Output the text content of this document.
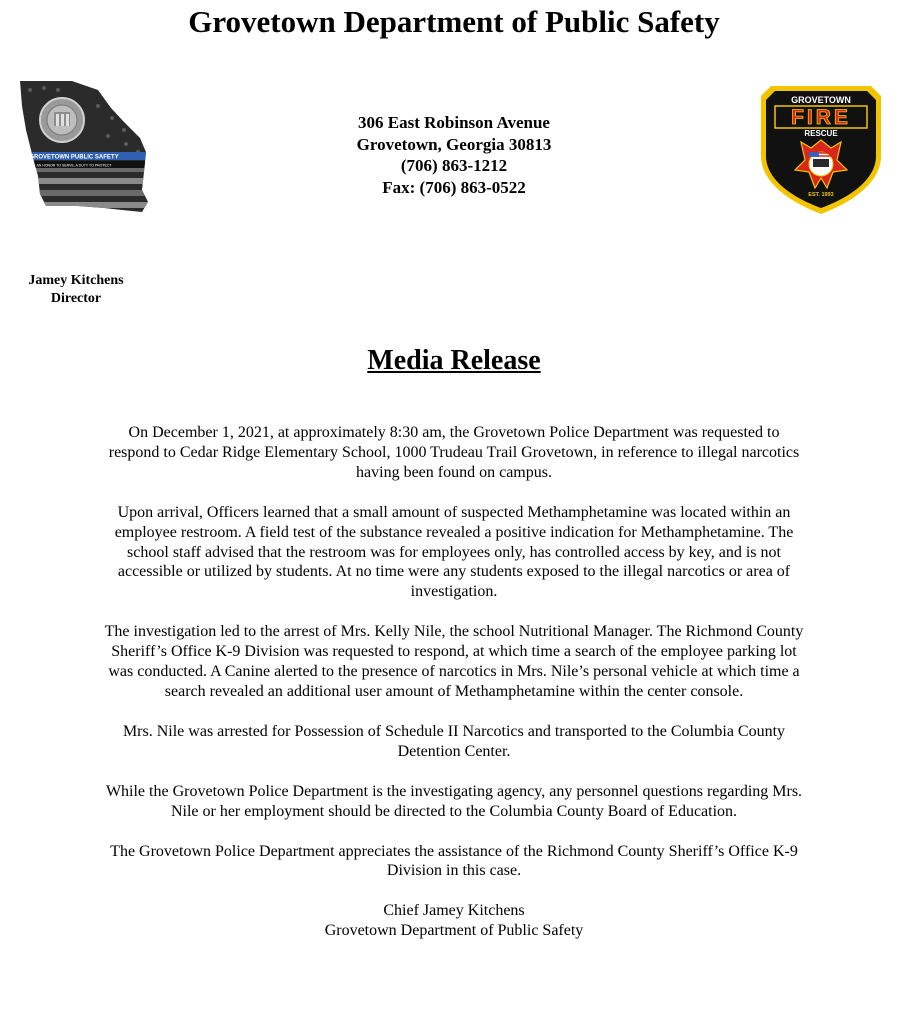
Grovetown Department of Public Safety
GROVETOWN PUBLIC SAFETY
AN HONOR TO SERVE, A DUTY TO PROTECT
306 East Robinson Avenue
Grovetown, Georgia 30813
(706) 863-1212
Fax: (706) 863-0522
GROVETOWN
FIRE
RESCUE
EST. 1993
Jamey Kitchens
Director
Media Release

On December 1, 2021, at approximately 8:30 am, the Grovetown Police Department was requested to respond to Cedar Ridge Elementary School, 1000 Trudeau Trail Grovetown, in reference to illegal narcotics having been found on campus.

Upon arrival, Officers learned that a small amount of suspected Methamphetamine was located within an employee restroom. A field test of the substance revealed a positive indication for Methamphetamine. The school staff advised that the restroom was for employees only, has controlled access by key, and is not accessible or utilized by students. At no time were any students exposed to the illegal narcotics or area of investigation.

The investigation led to the arrest of Mrs. Kelly Nile, the school Nutritional Manager. The Richmond County Sheriff’s Office K-9 Division was requested to respond, at which time a search of the employee parking lot was conducted. A Canine alerted to the presence of narcotics in Mrs. Nile’s personal vehicle at which time a search revealed an additional user amount of Methamphetamine within the center console.

Mrs. Nile was arrested for Possession of Schedule II Narcotics and transported to the Columbia County Detention Center.

While the Grovetown Police Department is the investigating agency, any personnel questions regarding Mrs. Nile or her employment should be directed to the Columbia County Board of Education.

The Grovetown Police Department appreciates the assistance of the Richmond County Sheriff’s Office K-9 Division in this case.

Chief Jamey Kitchens
Grovetown Department of Public Safety
